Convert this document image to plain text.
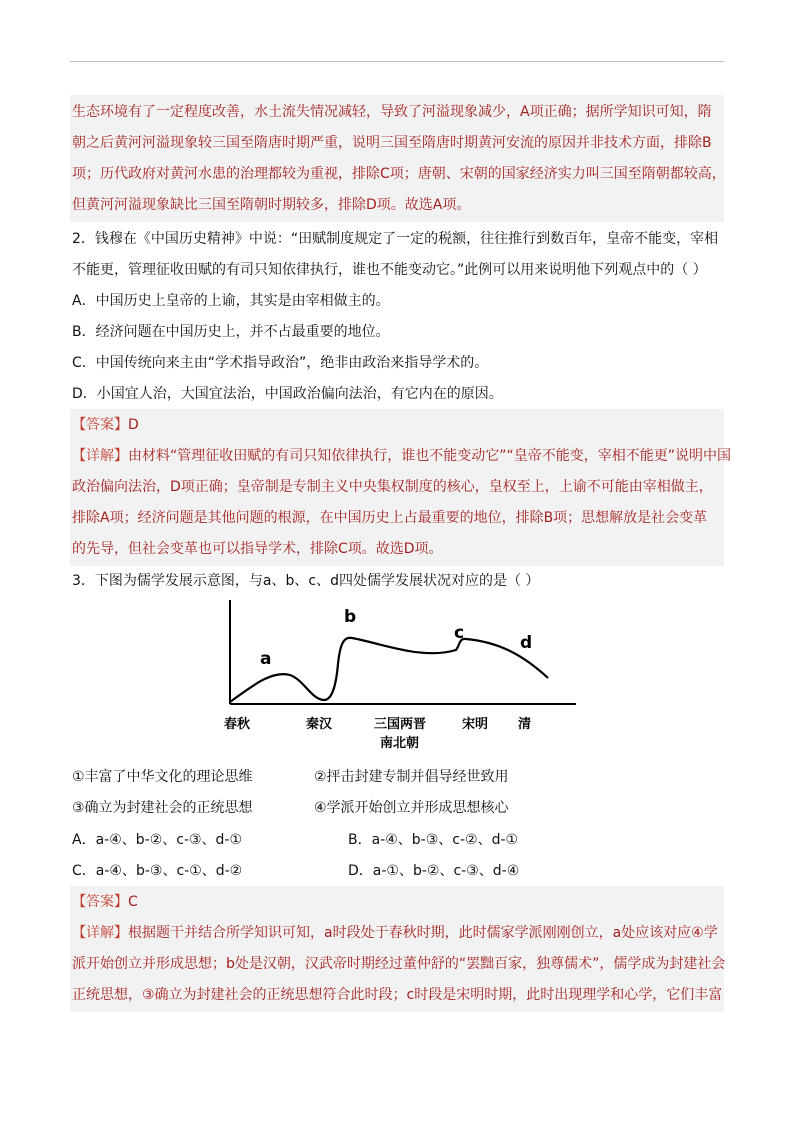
生态环境有了一定程度改善，水土流失情况减轻，导致了河溢现象减少，A项正确；据所学知识可知，隋
朝之后黄河河溢现象较三国至隋唐时期严重，说明三国至隋唐时期黄河安流的原因并非技术方面，排除B
项；历代政府对黄河水患的治理都较为重视，排除C项；唐朝、宋朝的国家经济实力叫三国至隋朝都较高，
但黄河河溢现象缺比三国至隋朝时期较多，排除D项。故选A项。
2．钱穆在《中国历史精神》中说：“田赋制度规定了一定的税额，往往推行到数百年，皇帝不能变，宰相
不能更，管理征收田赋的有司只知依律执行，谁也不能变动它。”此例可以用来说明他下列观点中的（ ）
A．中国历史上皇帝的上谕，其实是由宰相做主的。
B．经济问题在中国历史上，并不占最重要的地位。
C．中国传统向来主由“学术指导政治”，绝非由政治来指导学术的。
D．小国宜人治，大国宜法治，中国政治偏向法治，有它内在的原因。
【答案】D
【详解】由材料“管理征收田赋的有司只知依律执行，谁也不能变动它”“皇帝不能变，宰相不能更”说明中国
政治偏向法治，D项正确；皇帝制是专制主义中央集权制度的核心，皇权至上，上谕不可能由宰相做主，
排除A项；经济问题是其他问题的根源，在中国历史上占最重要的地位，排除B项；思想解放是社会变革
的先导，但社会变革也可以指导学术，排除C项。故选D项。
3．下图为儒学发展示意图，与a、b、c、d四处儒学发展状况对应的是（ ）
a
b
c	d
春秋	秦汉	三国两晋
南北朝
宋明 清
①丰富了中华文化的理论思维	②抨击封建专制并倡导经世致用
③确立为封建社会的正统思想	④学派开始创立并形成思想核心
A．a-④、b-②、c-③、d-①	B．a-④、b-③、c-②、d-①
C．a-④、b-③、c-①、d-②	D．a-①、b-②、c-③、d-④
【答案】C
【详解】根据题干并结合所学知识可知，a时段处于春秋时期，此时儒家学派刚刚创立，a处应该对应④学
派开始创立并形成思想；b处是汉朝，汉武帝时期经过董仲舒的“罢黜百家，独尊儒术”，儒学成为封建社会
正统思想，③确立为封建社会的正统思想符合此时段；c时段是宋明时期，此时出现理学和心学，它们丰富
